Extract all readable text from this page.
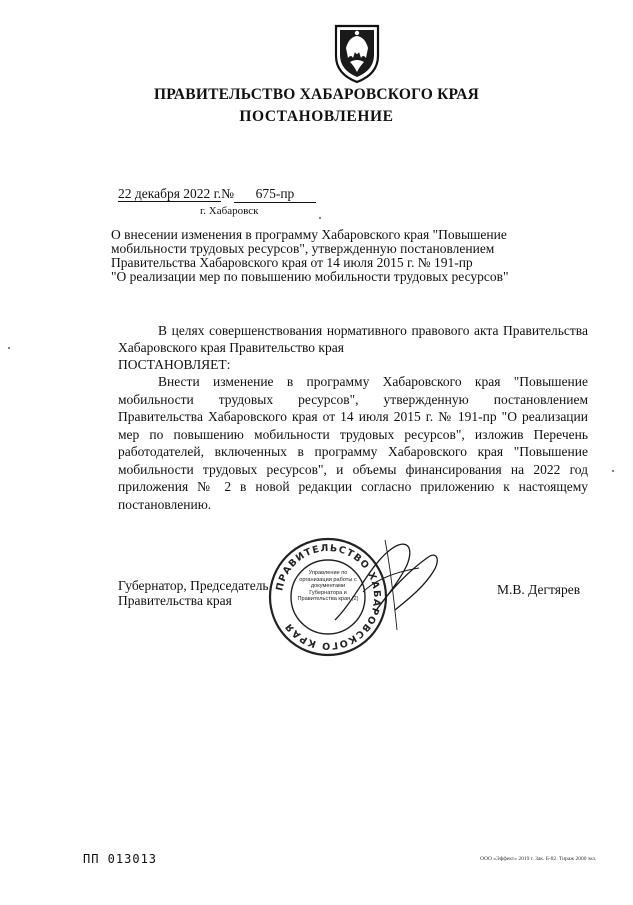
ПРАВИТЕЛЬСТВО ХАБАРОВСКОГО КРАЯ
ПОСТАНОВЛЕНИЕ
22 декабря 2022 г.№ 675-пр
г. Хабаровск
О внесении изменения в программу Хабаровского края "Повышение
мобильности трудовых ресурсов", утвержденную постановлением
Правительства Хабаровского края от 14 июля 2015 г. № 191-пр
"О реализации мер по повышению мобильности трудовых ресурсов"
В целях совершенствования нормативного правового акта Правительства Хабаровского края Правительство края
ПОСТАНОВЛЯЕТ:
Внести изменение в программу Хабаровского края "Повышение мобильности трудовых ресурсов", утвержденную постановлением Правительства Хабаровского края от 14 июля 2015 г. № 191-пр "О реализации мер по повышению мобильности трудовых ресурсов", изложив Перечень работодателей, включенных в программу Хабаровского края "Повышение мобильности трудовых ресурсов", и объемы финансирования на 2022 год приложения № 2 в новой редакции согласно приложению к настоящему постановлению.
Губернатор, Председатель
Правительства края
М.В. Дегтярев
ПРАВИТЕЛЬСТВО ХАБАРОВСКОГО КРАЯ
Управление по организации работы с документами Губернатора и Правительства края (2)
ПП 013013	ООО «Эффект» 2019 г. Зак. Б-82. Тираж 2000 экз.
